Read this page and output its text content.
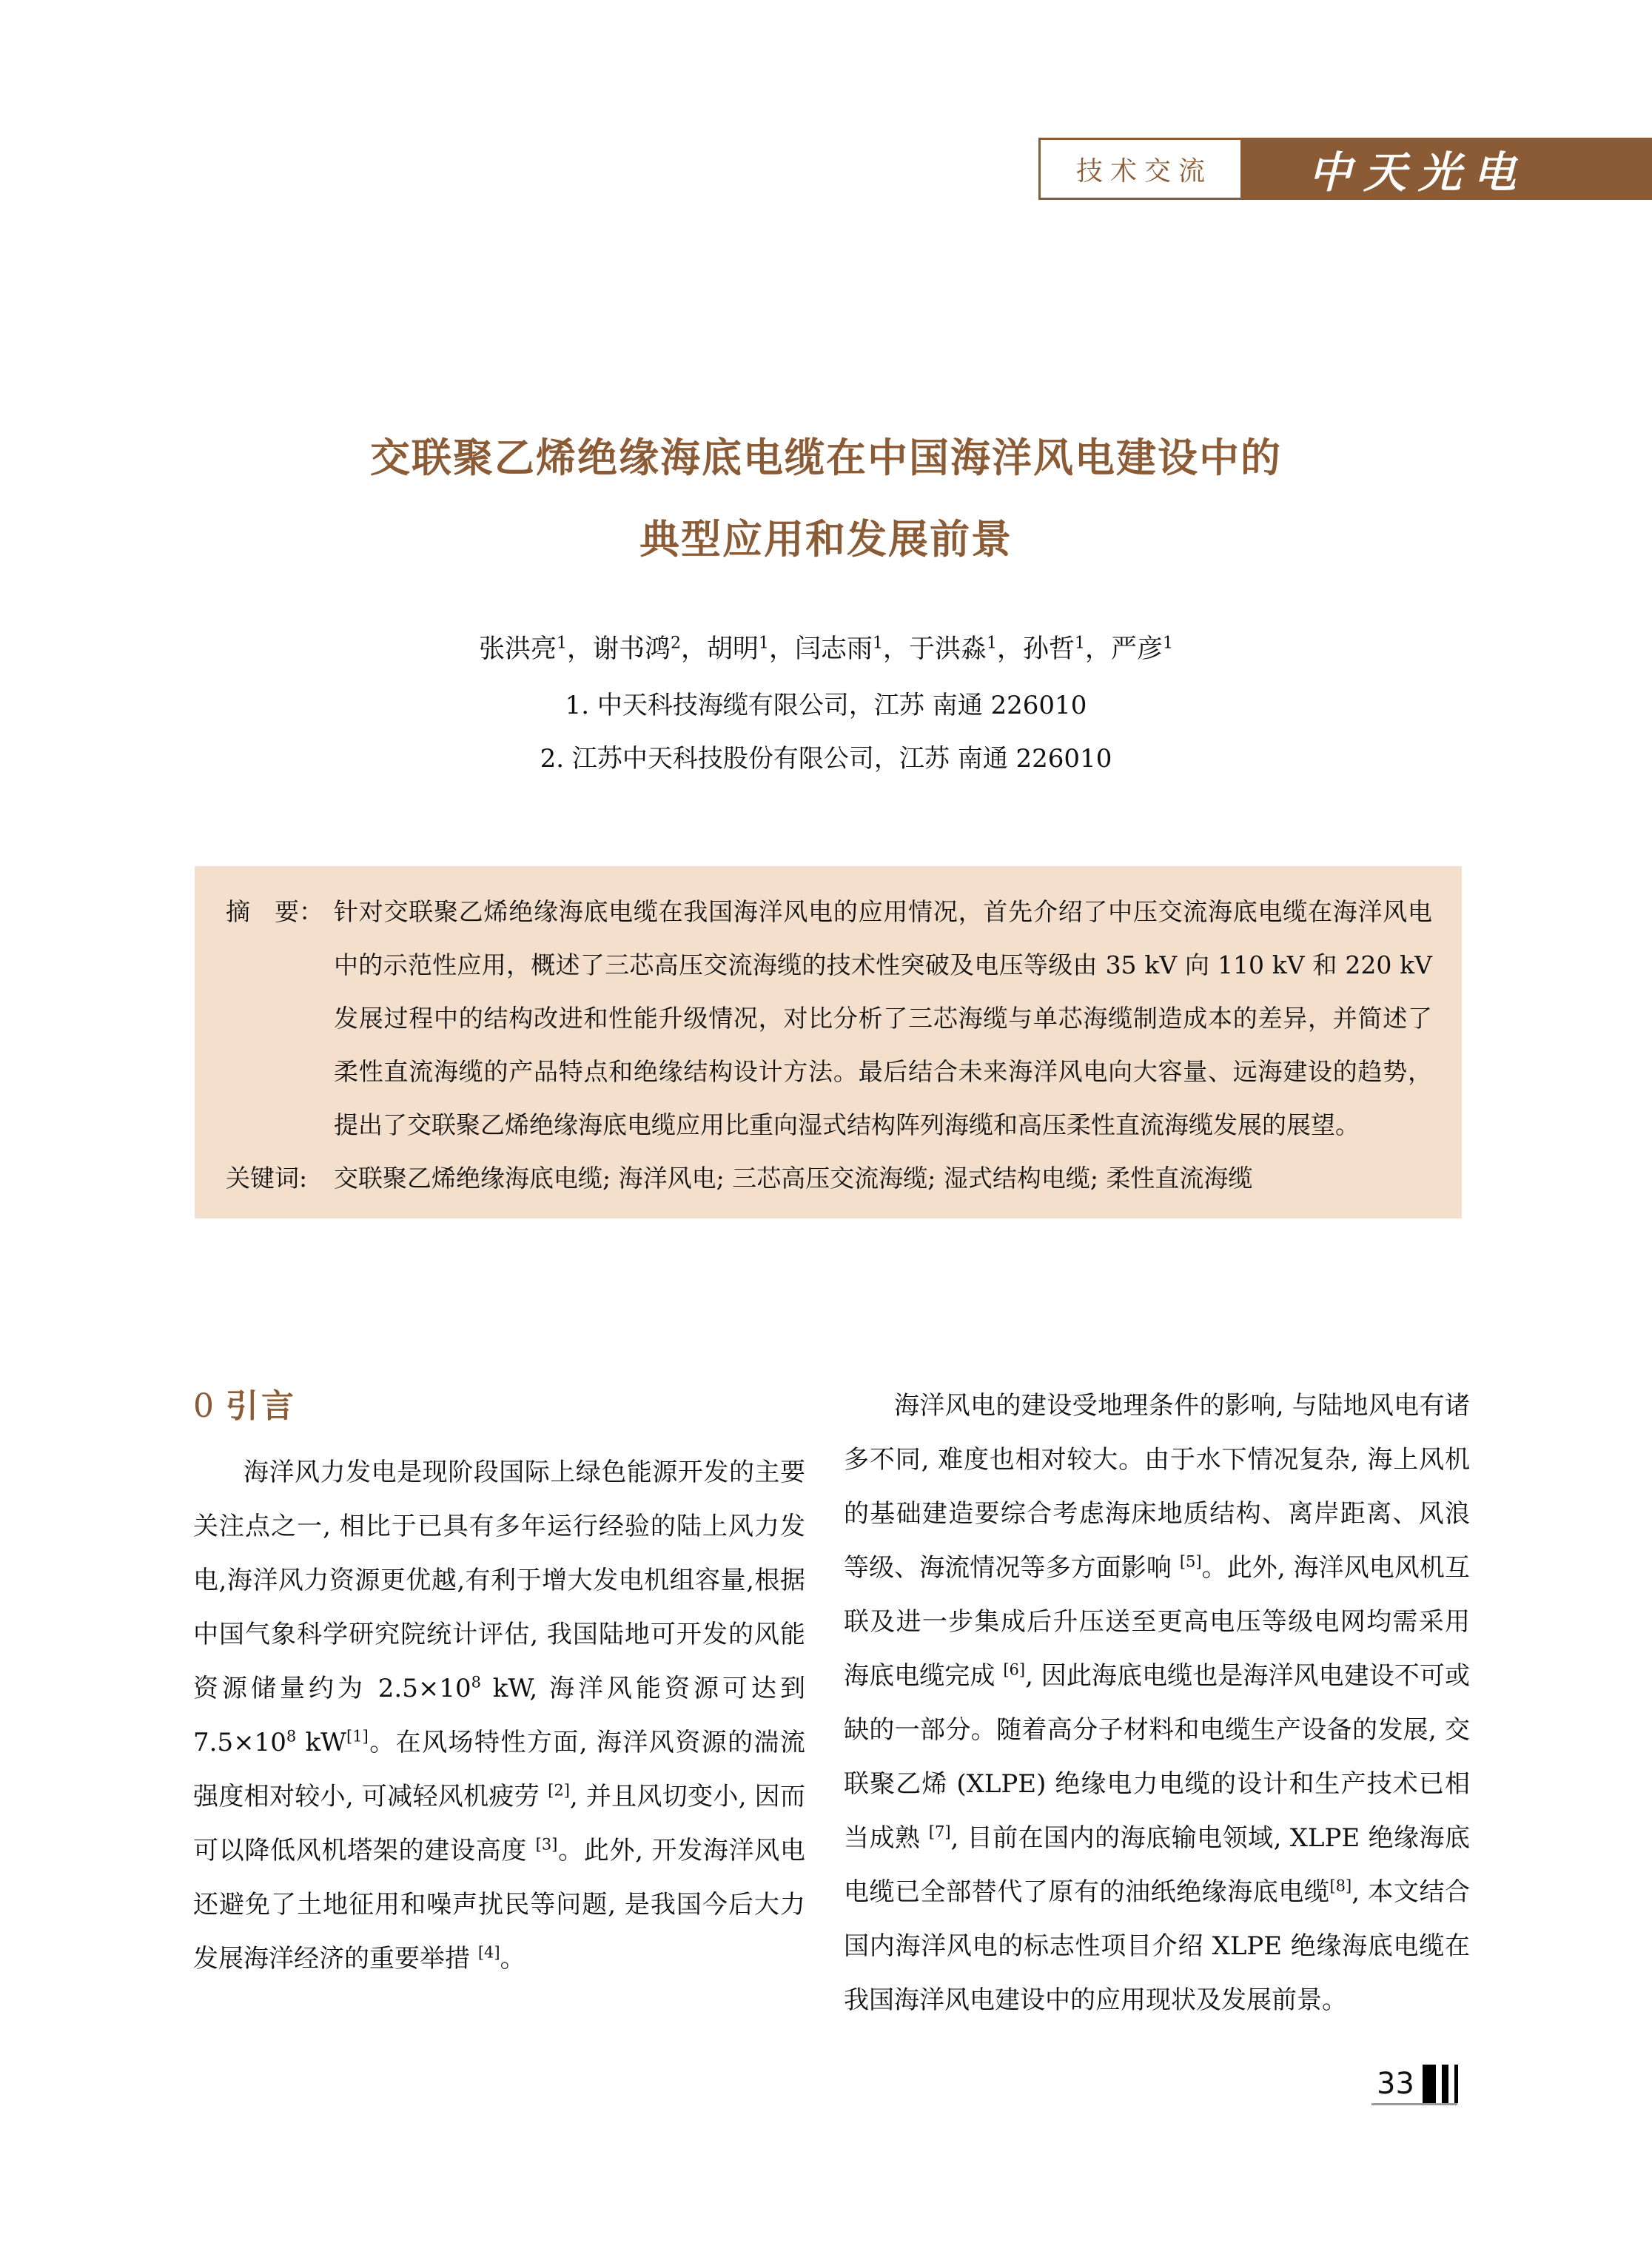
技术交流 中天光电
交联聚乙烯绝缘海底电缆在中国海洋风电建设中的
典型应用和发展前景
张洪亮$^1$，谢书鸿$^2$，胡明$^1$，闫志雨$^1$，于洪淼$^1$，孙哲$^1$，严彦$^1$
1. 中天科技海缆有限公司，江苏 南通 226010
2. 江苏中天科技股份有限公司，江苏 南通 226010
摘　要： 针对交联聚乙烯绝缘海底电缆在我国海洋风电的应用情况，首先介绍了中压交流海底电缆在海洋风电中的示范性应用，概述了三芯高压交流海缆的技术性突破及电压等级由 35 kV 向 110 kV 和 220 kV 发展过程中的结构改进和性能升级情况，对比分析了三芯海缆与单芯海缆制造成本的差异，并简述了柔性直流海缆的产品特点和绝缘结构设计方法。最后结合未来海洋风电向大容量、远海建设的趋势，提出了交联聚乙烯绝缘海底电缆应用比重向湿式结构阵列海缆和高压柔性直流海缆发展的展望。
关键词:	交联聚乙烯绝缘海底电缆; 海洋风电; 三芯高压交流海缆; 湿式结构电缆; 柔性直流海缆
0 引言

海洋风力发电是现阶段国际上绿色能源开发的主要关注点之一, 相比于已具有多年运行经验的陆上风力发电,海洋风力资源更优越,有利于增大发电机组容量,根据中国气象科学研究院统计评估, 我国陆地可开发的风能资源储量约为 $2.5\times 10^8$ kW, 海洋风能资源可达到 $7.5\times 10^8$ kW[1]。在风场特性方面, 海洋风资源的湍流强度相对较小, 可减轻风机疲劳 [2], 并且风切变小, 因而可以降低风机塔架的建设高度 [3]。此外, 开发海洋风电还避免了土地征用和噪声扰民等问题, 是我国今后大力发展海洋经济的重要举措 [4]。

海洋风电的建设受地理条件的影响, 与陆地风电有诸多不同, 难度也相对较大。由于水下情况复杂, 海上风机的基础建造要综合考虑海床地质结构、离岸距离、风浪等级、海流情况等多方面影响 [5]。此外, 海洋风电风机互联及进一步集成后升压送至更高电压等级电网均需采用海底电缆完成 [6], 因此海底电缆也是海洋风电建设不可或缺的一部分。随着高分子材料和电缆生产设备的发展, 交联聚乙烯 (XLPE) 绝缘电力电缆的设计和生产技术已相当成熟 [7], 目前在国内的海底输电领域, XLPE 绝缘海底电缆已全部替代了原有的油纸绝缘海底电缆[8], 本文结合国内海洋风电的标志性项目介绍 XLPE 绝缘海底电缆在我国海洋风电建设中的应用现状及发展前景。

33
